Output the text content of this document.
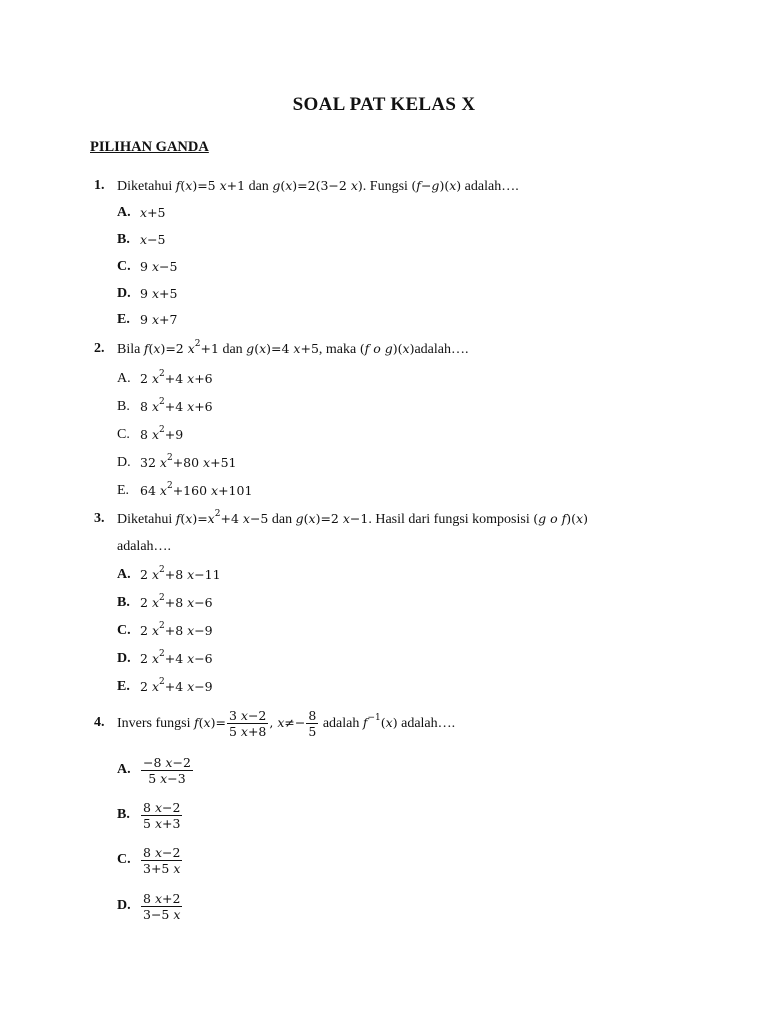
SOAL PAT KELAS X
PILIHAN GANDA
1. Diketahui f(x)=5 x+1 dan g(x)=2(3−2 x). Fungsi (f−g)(x) adalah….
A. x+5
B. x−5
C. 9 x−5
D. 9 x+5
E. 9 x+7
2. Bila f(x)=2 $x^2+1$ dan g(x)=4 x+5, maka (f o g)(x)adalah….
A. 2 $x^2+4$ x+6
B. 8 $x^2+4$ x+6
C. 8 $x^2+9$
D. 32 $x^2+80$ x+51
E. 64 $x^2+160$ x+101
3. Diketahui $f(x)=x^2+4$ x−5 dan g(x)=2 x−1. Hasil dari fungsi komposisi (g o f)(x)
adalah….
A. 2 $x^2+8$ x−11
B. 2 $x^2+8$ x−6
C. 2 $x^2+8$ x−9
D. 2 $x^2+4$ x−6
E. 2 $x^2+4$ x−9
4. Invers fungsi $f(x)= \frac{3 x-2}{5 x+8}$ , $x\ne- \frac{8}{5}$ adalah $f^{-1}(x)$ adalah….
A. $\frac{-8 x-2}{5 x-3}$
B. $\frac{8 x-2}{5 x+3}$
C. $\frac{8 x-2}{3+5 x}$
D. $\frac{8 x+2}{3-5 x}$
